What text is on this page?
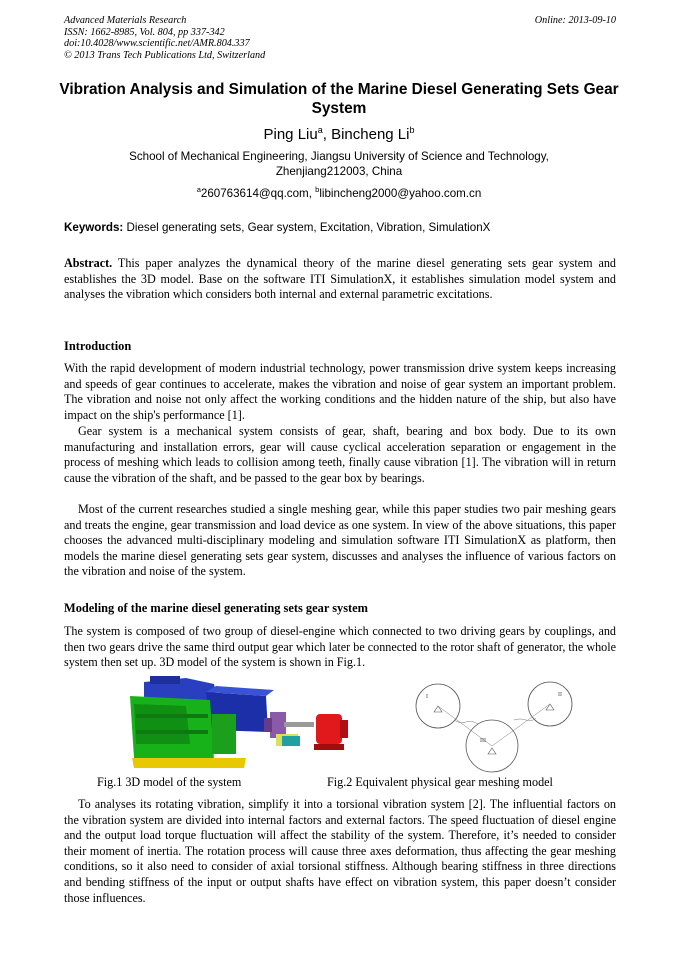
Advanced Materials Research
ISSN: 1662-8985, Vol. 804, pp 337-342
doi:10.4028/www.scientific.net/AMR.804.337
© 2013 Trans Tech Publications Ltd, Switzerland
Online: 2013-09-10
Vibration Analysis and Simulation of the Marine Diesel Generating Sets Gear System
Ping Liu$^a$, Bincheng Li$^b$
School of Mechanical Engineering, Jiangsu University of Science and Technology, Zhenjiang212003, China
$^a$260763614@qq.com, $^b$libincheng2000@yahoo.com.cn
Keywords: Diesel generating sets, Gear system, Excitation, Vibration, SimulationX
Abstract. This paper analyzes the dynamical theory of the marine diesel generating sets gear system and establishes the 3D model. Base on the software ITI SimulationX, it establishes simulation model system and analyses the vibration which considers both internal and external parametric excitations.
Introduction
With the rapid development of modern industrial technology, power transmission drive system keeps increasing and speeds of gear continues to accelerate, makes the vibration and noise of gear system an important problem. The vibration and noise not only affect the working conditions and the hidden nature of the ship, but also have impact on the ship's performance [1].
Gear system is a mechanical system consists of gear, shaft, bearing and box body. Due to its own manufacturing and installation errors, gear will cause cyclical acceleration separation or engagement in the process of meshing which leads to collision among teeth, finally cause vibration [1]. The vibration will in return cause the vibration of the shaft, and be passed to the gear box by bearings.
Most of the current researches studied a single meshing gear, while this paper studies two pair meshing gears and treats the engine, gear transmission and load device as one system. In view of the above situations, this paper chooses the advanced multi-disciplinary modeling and simulation software ITI SimulationX as platform, then models the marine diesel generating sets gear system, discusses and analyses the influence of various factors on the vibration and noise of the system.
Modeling of the marine diesel generating sets gear system
The system is composed of two group of diesel-engine which connected to two driving gears by couplings, and then two gears drive the same third output gear which later be connected to the rotor shaft of generator, the whole system then set up. 3D model of the system is shown in Fig.1.
I	II
III
Fig.1 3D model of the system	Fig.2 Equivalent physical gear meshing model
To analyses its rotating vibration, simplify it into a torsional vibration system [2]. The influential factors on the vibration system are divided into internal factors and external factors. The speed fluctuation of diesel engine and the output load torque fluctuation will affect the stability of the system. Therefore, it’s needed to consider their moment of inertia. The rotation process will cause three axes deformation, thus affecting the gear meshing conditions, so it also need to consider of axial torsional stiffness. Although bearing stiffness in three directions and bending stiffness of the input or output shafts have effect on vibration system, this paper doesn’t consider those influences.
